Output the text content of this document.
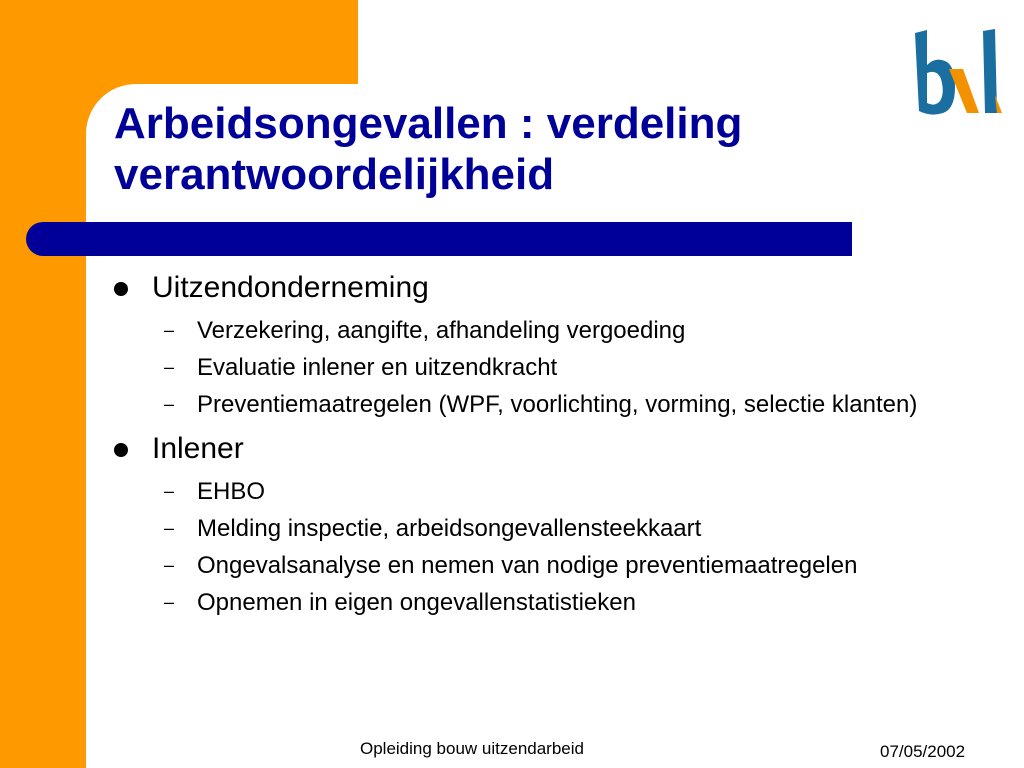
Arbeidsongevallen : verdeling verantwoordelijkheid
Uitzendonderneming
– Verzekering, aangifte, afhandeling vergoeding
– Evaluatie inlener en uitzendkracht
– Preventiemaatregelen (WPF, voorlichting, vorming, selectie klanten)
Inlener
– EHBO
– Melding inspectie, arbeidsongevallensteekkaart
– Ongevalsanalyse en nemen van nodige preventiemaatregelen
– Opnemen in eigen ongevallenstatistieken
Opleiding bouw uitzendarbeid	07/05/2002
